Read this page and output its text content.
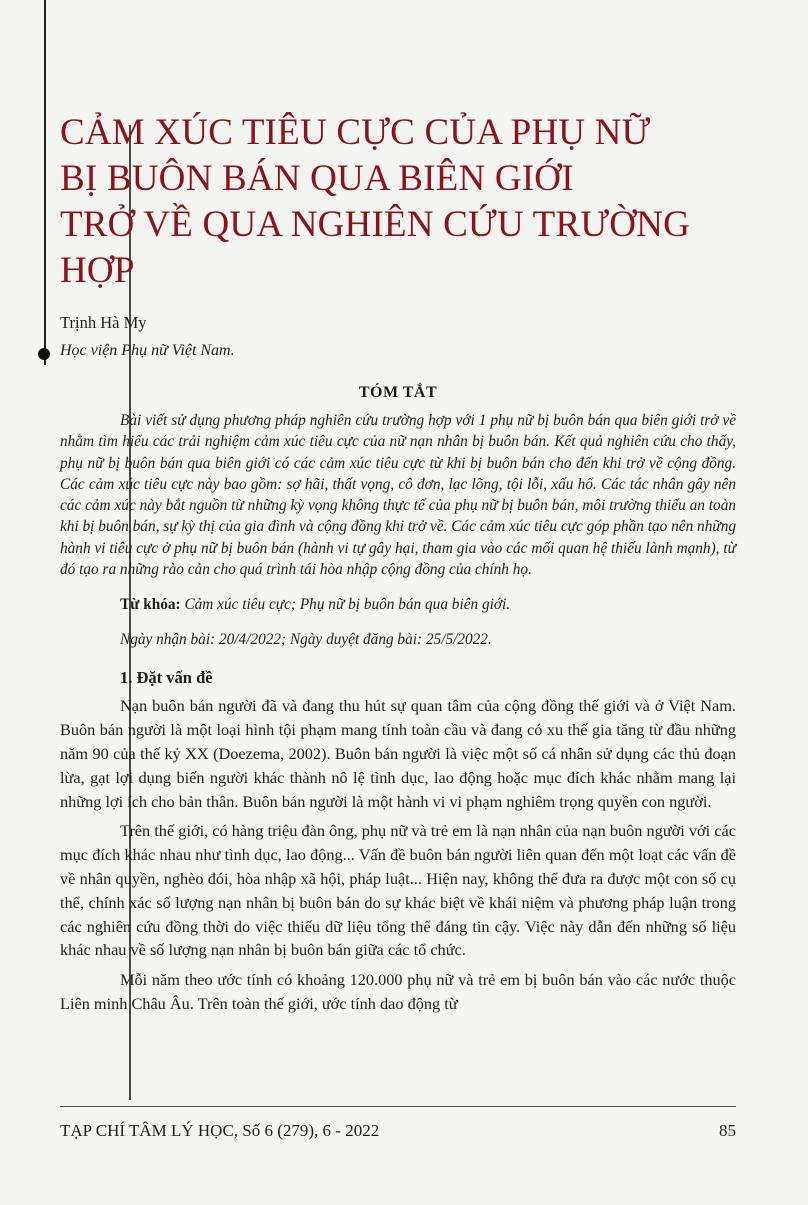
CẢM XÚC TIÊU CỰC CỦA PHỤ NỮ
BỊ BUÔN BÁN QUA BIÊN GIỚI
TRỞ VỀ QUA NGHIÊN CỨU TRƯỜNG HỢP
Trịnh Hà My
Học viện Phụ nữ Việt Nam.
TÓM TẮT

Bài viết sử dụng phương pháp nghiên cứu trường hợp với 1 phụ nữ bị buôn bán qua biên giới trở về nhằm tìm hiểu các trải nghiệm cảm xúc tiêu cực của nữ nạn nhân bị buôn bán. Kết quả nghiên cứu cho thấy, phụ nữ bị buôn bán qua biên giới có các cảm xúc tiêu cực từ khi bị buôn bán cho đến khi trở về cộng đồng. Các cảm xúc tiêu cực này bao gồm: sợ hãi, thất vọng, cô đơn, lạc lõng, tội lỗi, xấu hổ. Các tác nhân gây nên các cảm xúc này bắt nguồn từ những kỳ vọng không thực tế của phụ nữ bị buôn bán, môi trường thiếu an toàn khi bị buôn bán, sự kỳ thị của gia đình và cộng đồng khi trở về. Các cảm xúc tiêu cực góp phần tạo nên những hành vi tiêu cực ở phụ nữ bị buôn bán (hành vi tự gây hại, tham gia vào các mối quan hệ thiếu lành mạnh), từ đó tạo ra những rào cản cho quá trình tái hòa nhập cộng đồng của chính họ.

Từ khóa: Cảm xúc tiêu cực; Phụ nữ bị buôn bán qua biên giới.
Ngày nhận bài: 20/4/2022; Ngày duyệt đăng bài: 25/5/2022.
1. Đặt vấn đề

Nạn buôn bán người đã và đang thu hút sự quan tâm của cộng đồng thế giới và ở Việt Nam. Buôn bán người là một loại hình tội phạm mang tính toàn cầu và đang có xu thế gia tăng từ đầu những năm 90 của thế kỷ XX (Doezema, 2002). Buôn bán người là việc một số cá nhân sử dụng các thủ đoạn lừa, gạt lợi dụng biến người khác thành nô lệ tình dục, lao động hoặc mục đích khác nhằm mang lại những lợi ích cho bản thân. Buôn bán người là một hành vi vi phạm nghiêm trọng quyền con người.

Trên thế giới, có hàng triệu đàn ông, phụ nữ và trẻ em là nạn nhân của nạn buôn người với các mục đích khác nhau như tình dục, lao động... Vấn đề buôn bán người liên quan đến một loạt các vấn đề về nhân quyền, nghèo đói, hòa nhập xã hội, pháp luật... Hiện nay, không thể đưa ra được một con số cụ thể, chính xác số lượng nạn nhân bị buôn bán do sự khác biệt về khái niệm và phương pháp luận trong các nghiên cứu đồng thời do việc thiếu dữ liệu tổng thể đáng tin cậy. Việc này dẫn đến những số liệu khác nhau về số lượng nạn nhân bị buôn bán giữa các tổ chức.

Mỗi năm theo ước tính có khoảng 120.000 phụ nữ và trẻ em bị buôn bán vào các nước thuộc Liên minh Châu Âu. Trên toàn thế giới, ước tính dao động từ

TẠP CHÍ TÂM LÝ HỌC, Số 6 (279), 6 - 2022	85
